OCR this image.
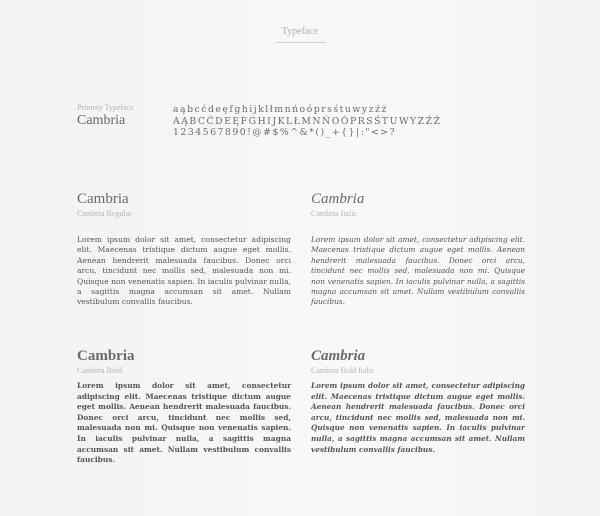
Typeface
Primery Typeface
Cambria
aąbcćdeęfghijklłmnńoóprsśtuwyzźż
AĄBCĆDEĘFGHIJKLŁMNŃOÓPRSŚTUWYZŹŻ
1234567890!@#$%^&*()_+{}|:"<>?
Cambria
Cambria Regular
Lorem ipsum dolor sit amet, consectetur adipiscing elit. Maecenas tristique dictum augue eget mollis. Aenean hendrerit malesuada faucibus. Donec orci arcu, tincidunt nec mollis sed, malesuada non mi. Quisque non venenatis sapien. In iaculis pulvinar nulla, a sagittis magna accumsan sit amet. Nullam vestibulum convallis faucibus.
Cambria
Cambria Italic
Lorem ipsum dolor sit amet, consectetur adipiscing elit. Maecenas tristique dictum augue eget mollis. Aenean hendrerit malesuada faucibus. Donec orci arcu, tincidunt nec mollis sed, malesuada non mi. Quisque non venenatis sapien. In iaculis pulvinar nulla, a sagittis magna accumsan sit amet. Nullam vestibulum convallis faucibus.
Cambria
Cambria Bold
Lorem ipsum dolor sit amet, consectetur adipiscing elit. Maecenas tristique dictum augue eget mollis. Aenean hendrerit malesuada faucibus. Donec orci arcu, tincidunt nec mollis sed, malesuada non mi. Quisque non venenatis sapien. In iaculis pulvinar nulla, a sagittis magna accumsan sit amet. Nullam vestibulum convallis faucibus.
Cambria
Cambria Bold Italic
Lorem ipsum dolor sit amet, consectetur adipiscing elit. Maecenas tristique dictum augue eget mollis. Aenean hendrerit malesuada faucibus. Donec orci arcu, tincidunt nec mollis sed, malesuada non mi. Quisque non venenatis sapien. In iaculis pulvinar nulla, a sagittis magna accumsan sit amet. Nullam vestibulum convallis faucibus.
